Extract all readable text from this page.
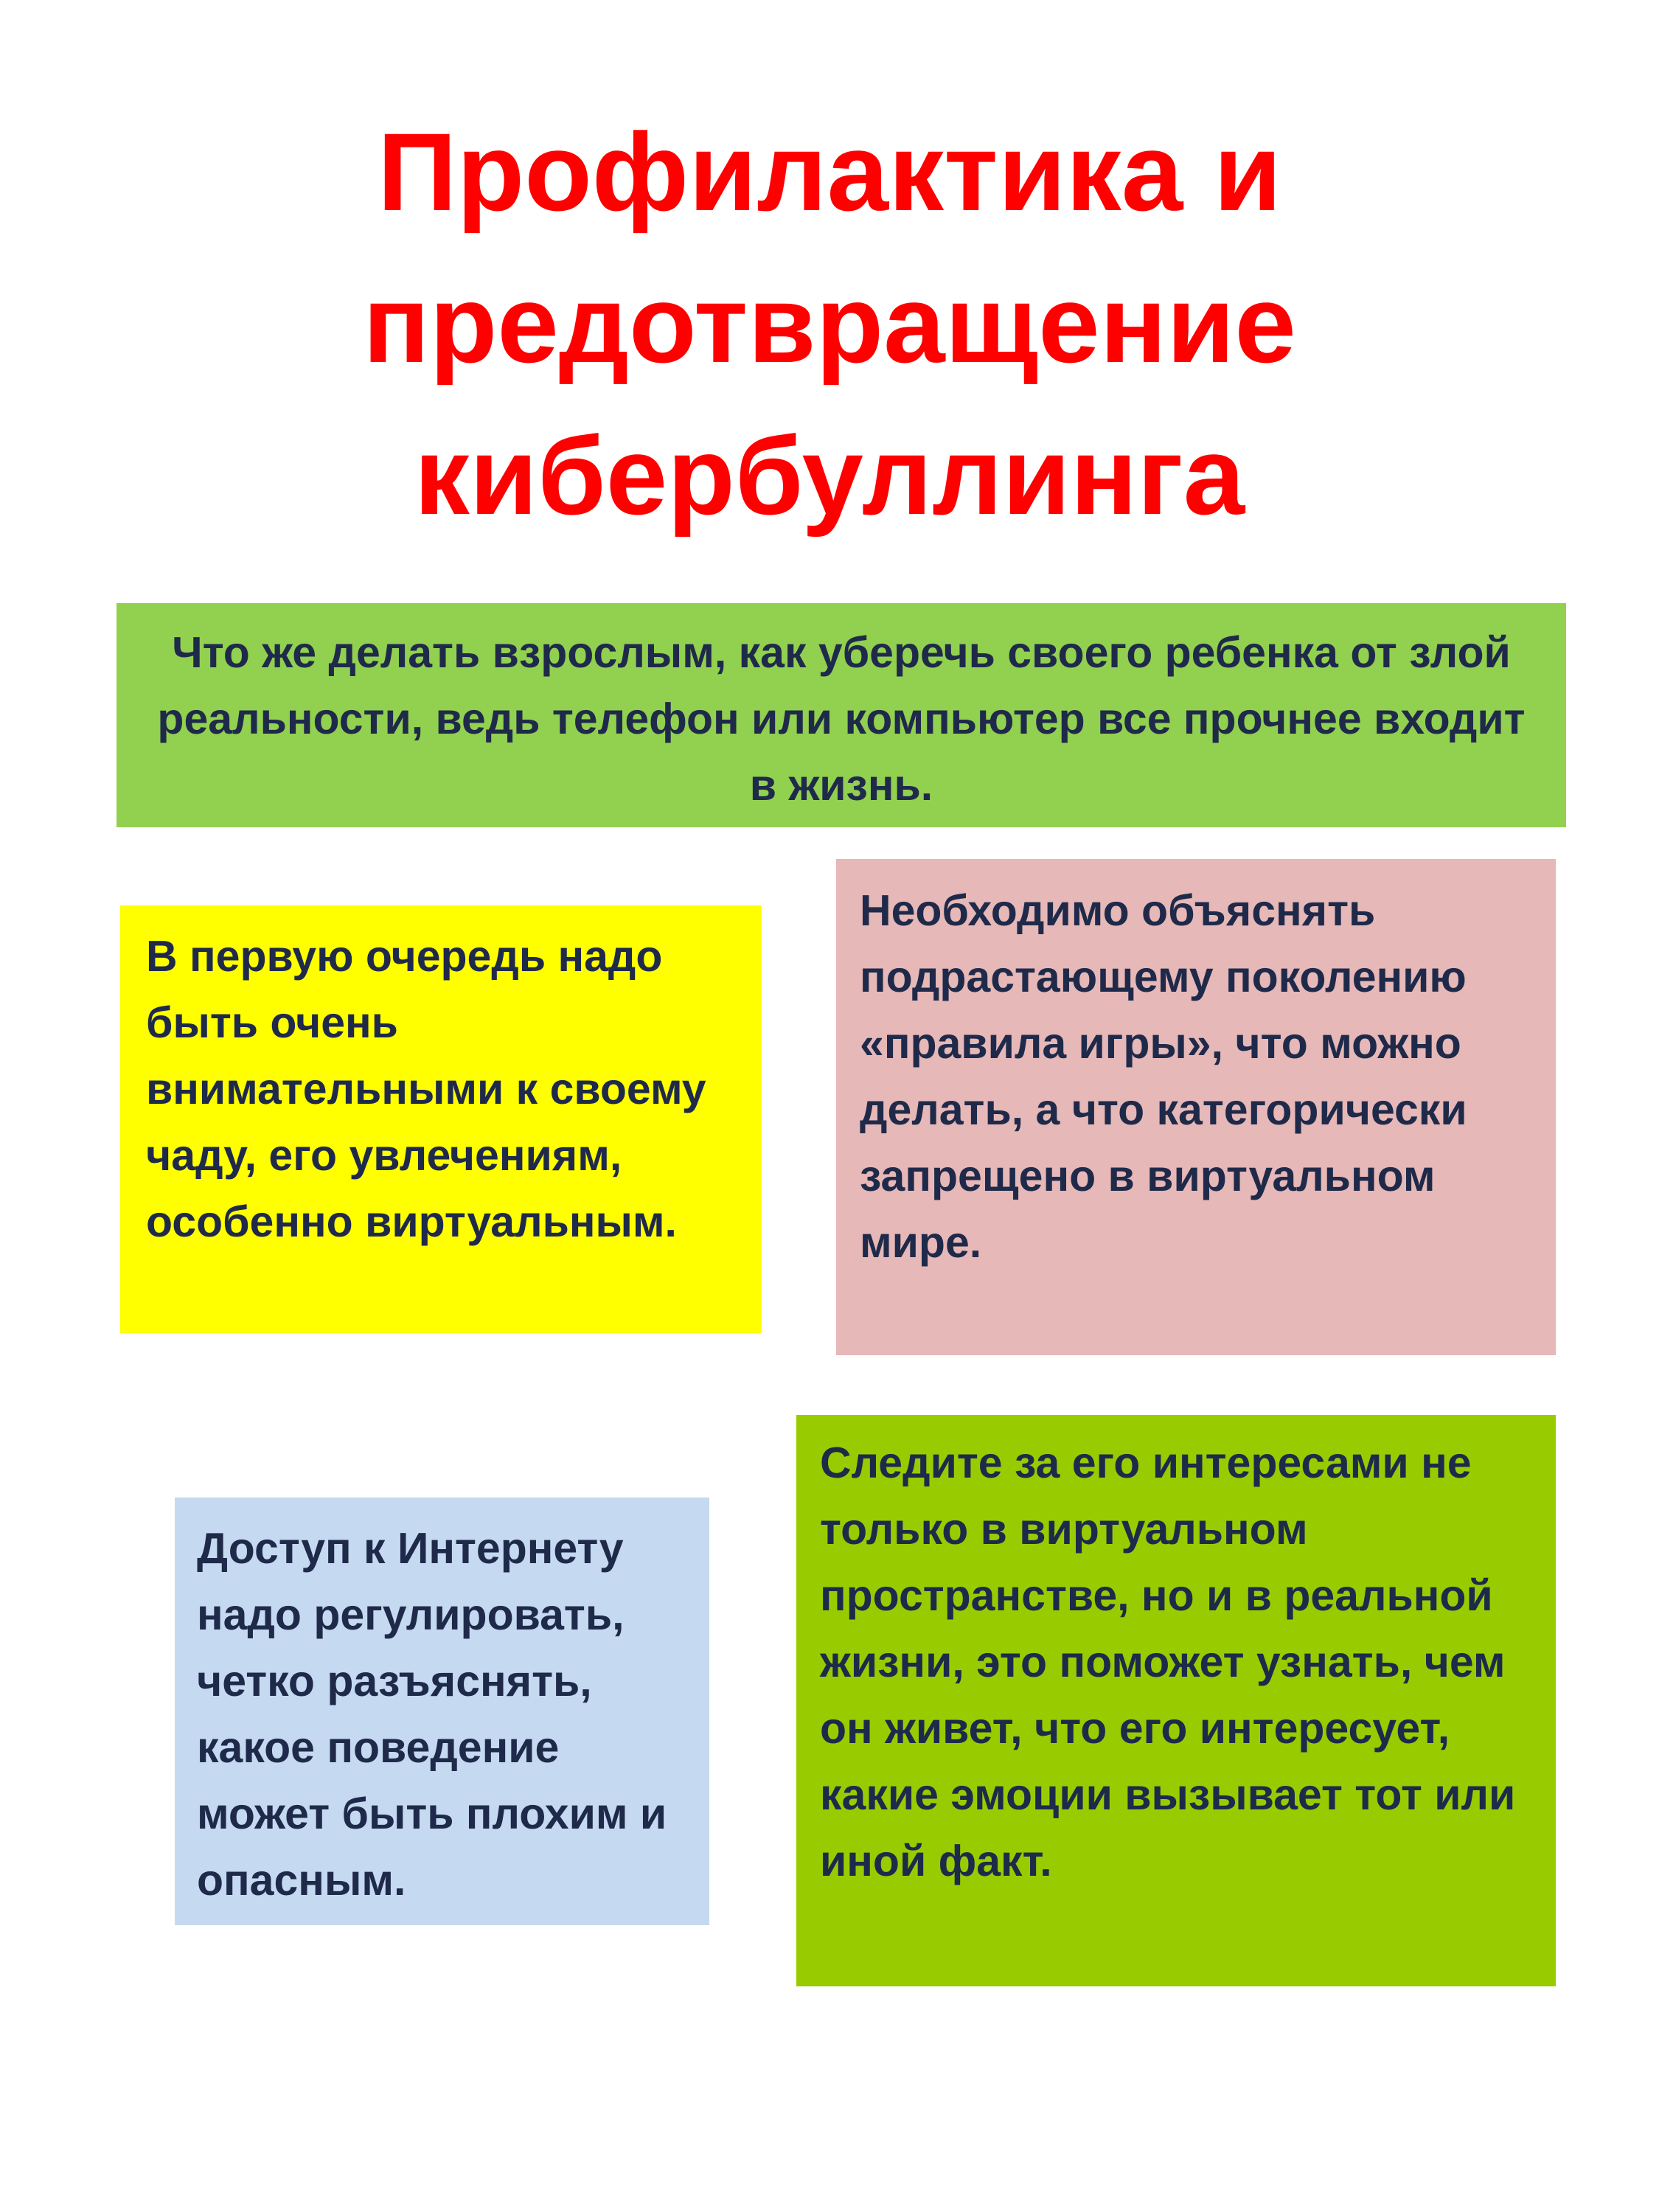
Профилактика и
предотвращение
кибербуллинга

Что же делать взрослым, как уберечь своего ребенка от злой реальности, ведь телефон или компьютер все прочнее входит в жизнь.

В первую очередь надо быть очень внимательными к своему чаду, его увлечениям, особенно виртуальным.

Необходимо объяснять подрастающему поколению «правила игры», что можно делать, а что категорически запрещено в виртуальном мире.

Доступ к Интернету надо регулировать, четко разъяснять, какое поведение может быть плохим и опасным.

Следите за его интересами не только в виртуальном пространстве, но и в реальной жизни, это поможет узнать, чем он живет, что его интересует, какие эмоции вызывает тот или иной факт.
